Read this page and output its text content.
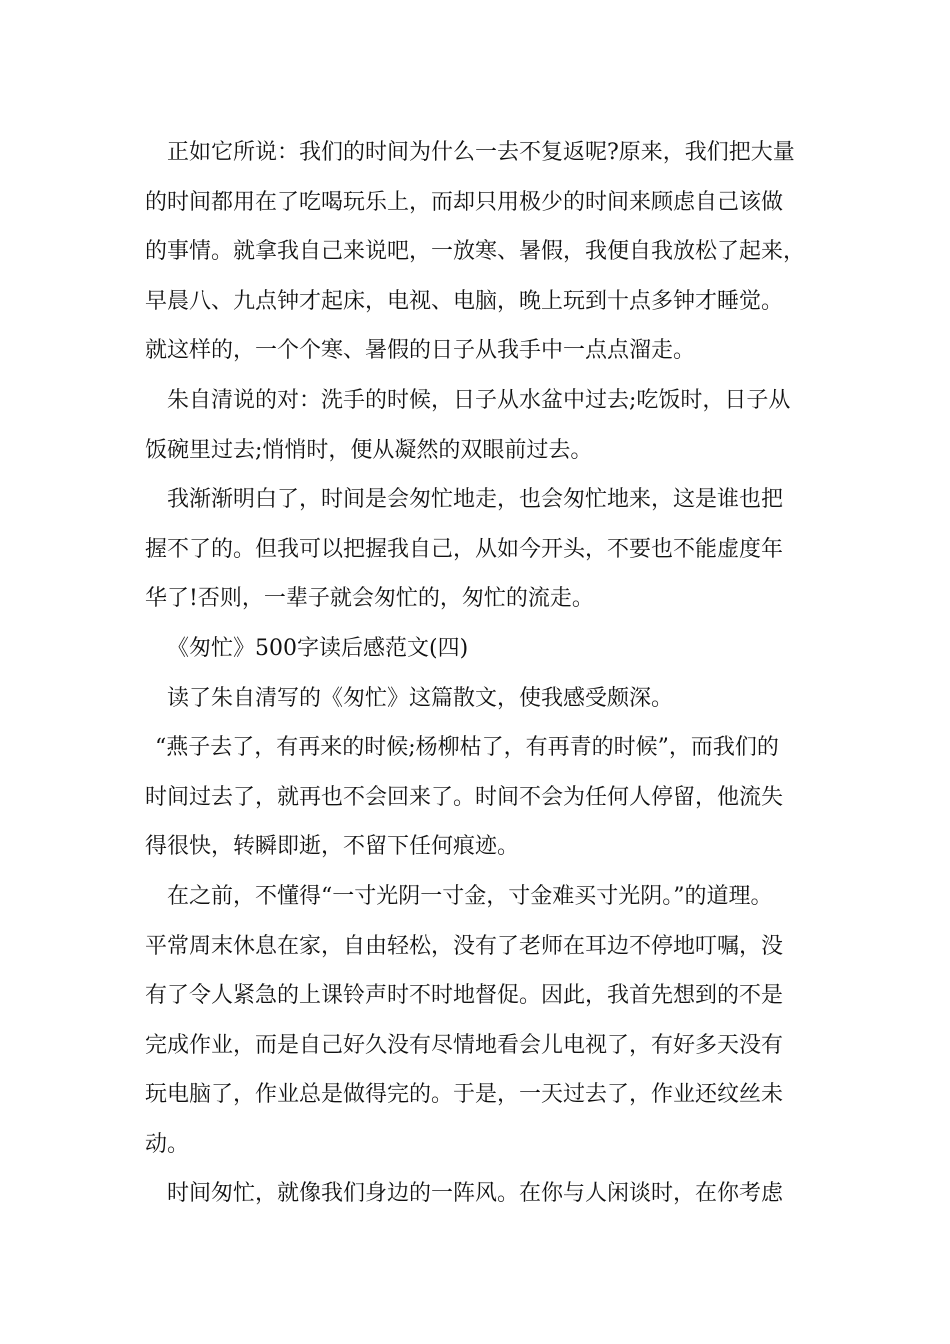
正如它所说：我们的时间为什么一去不复返呢?原来，我们把大量
的时间都用在了吃喝玩乐上，而却只用极少的时间来顾虑自己该做
的事情。就拿我自己来说吧，一放寒、暑假，我便自我放松了起来，
早晨八、九点钟才起床，电视、电脑，晚上玩到十点多钟才睡觉。
就这样的，一个个寒、暑假的日子从我手中一点点溜走。
朱自清说的对：洗手的时候，日子从水盆中过去;吃饭时，日子从
饭碗里过去;悄悄时，便从凝然的双眼前过去。
我渐渐明白了，时间是会匆忙地走，也会匆忙地来，这是谁也把
握不了的。但我可以把握我自己，从如今开头，不要也不能虚度年
华了!否则，一辈子就会匆忙的，匆忙的流走。
《匆忙》500字读后感范文(四)
读了朱自清写的《匆忙》这篇散文，使我感受颇深。
“燕子去了，有再来的时候;杨柳枯了，有再青的时候”，而我们的
时间过去了，就再也不会回来了。时间不会为任何人停留，他流失
得很快，转瞬即逝，不留下任何痕迹。
在之前，不懂得“一寸光阴一寸金，寸金难买寸光阴。”的道理。
平常周末休息在家，自由轻松，没有了老师在耳边不停地叮嘱，没
有了令人紧急的上课铃声时不时地督促。因此，我首先想到的不是
完成作业，而是自己好久没有尽情地看会儿电视了，有好多天没有
玩电脑了，作业总是做得完的。于是，一天过去了，作业还纹丝未
动。
时间匆忙，就像我们身边的一阵风。在你与人闲谈时，在你考虑
